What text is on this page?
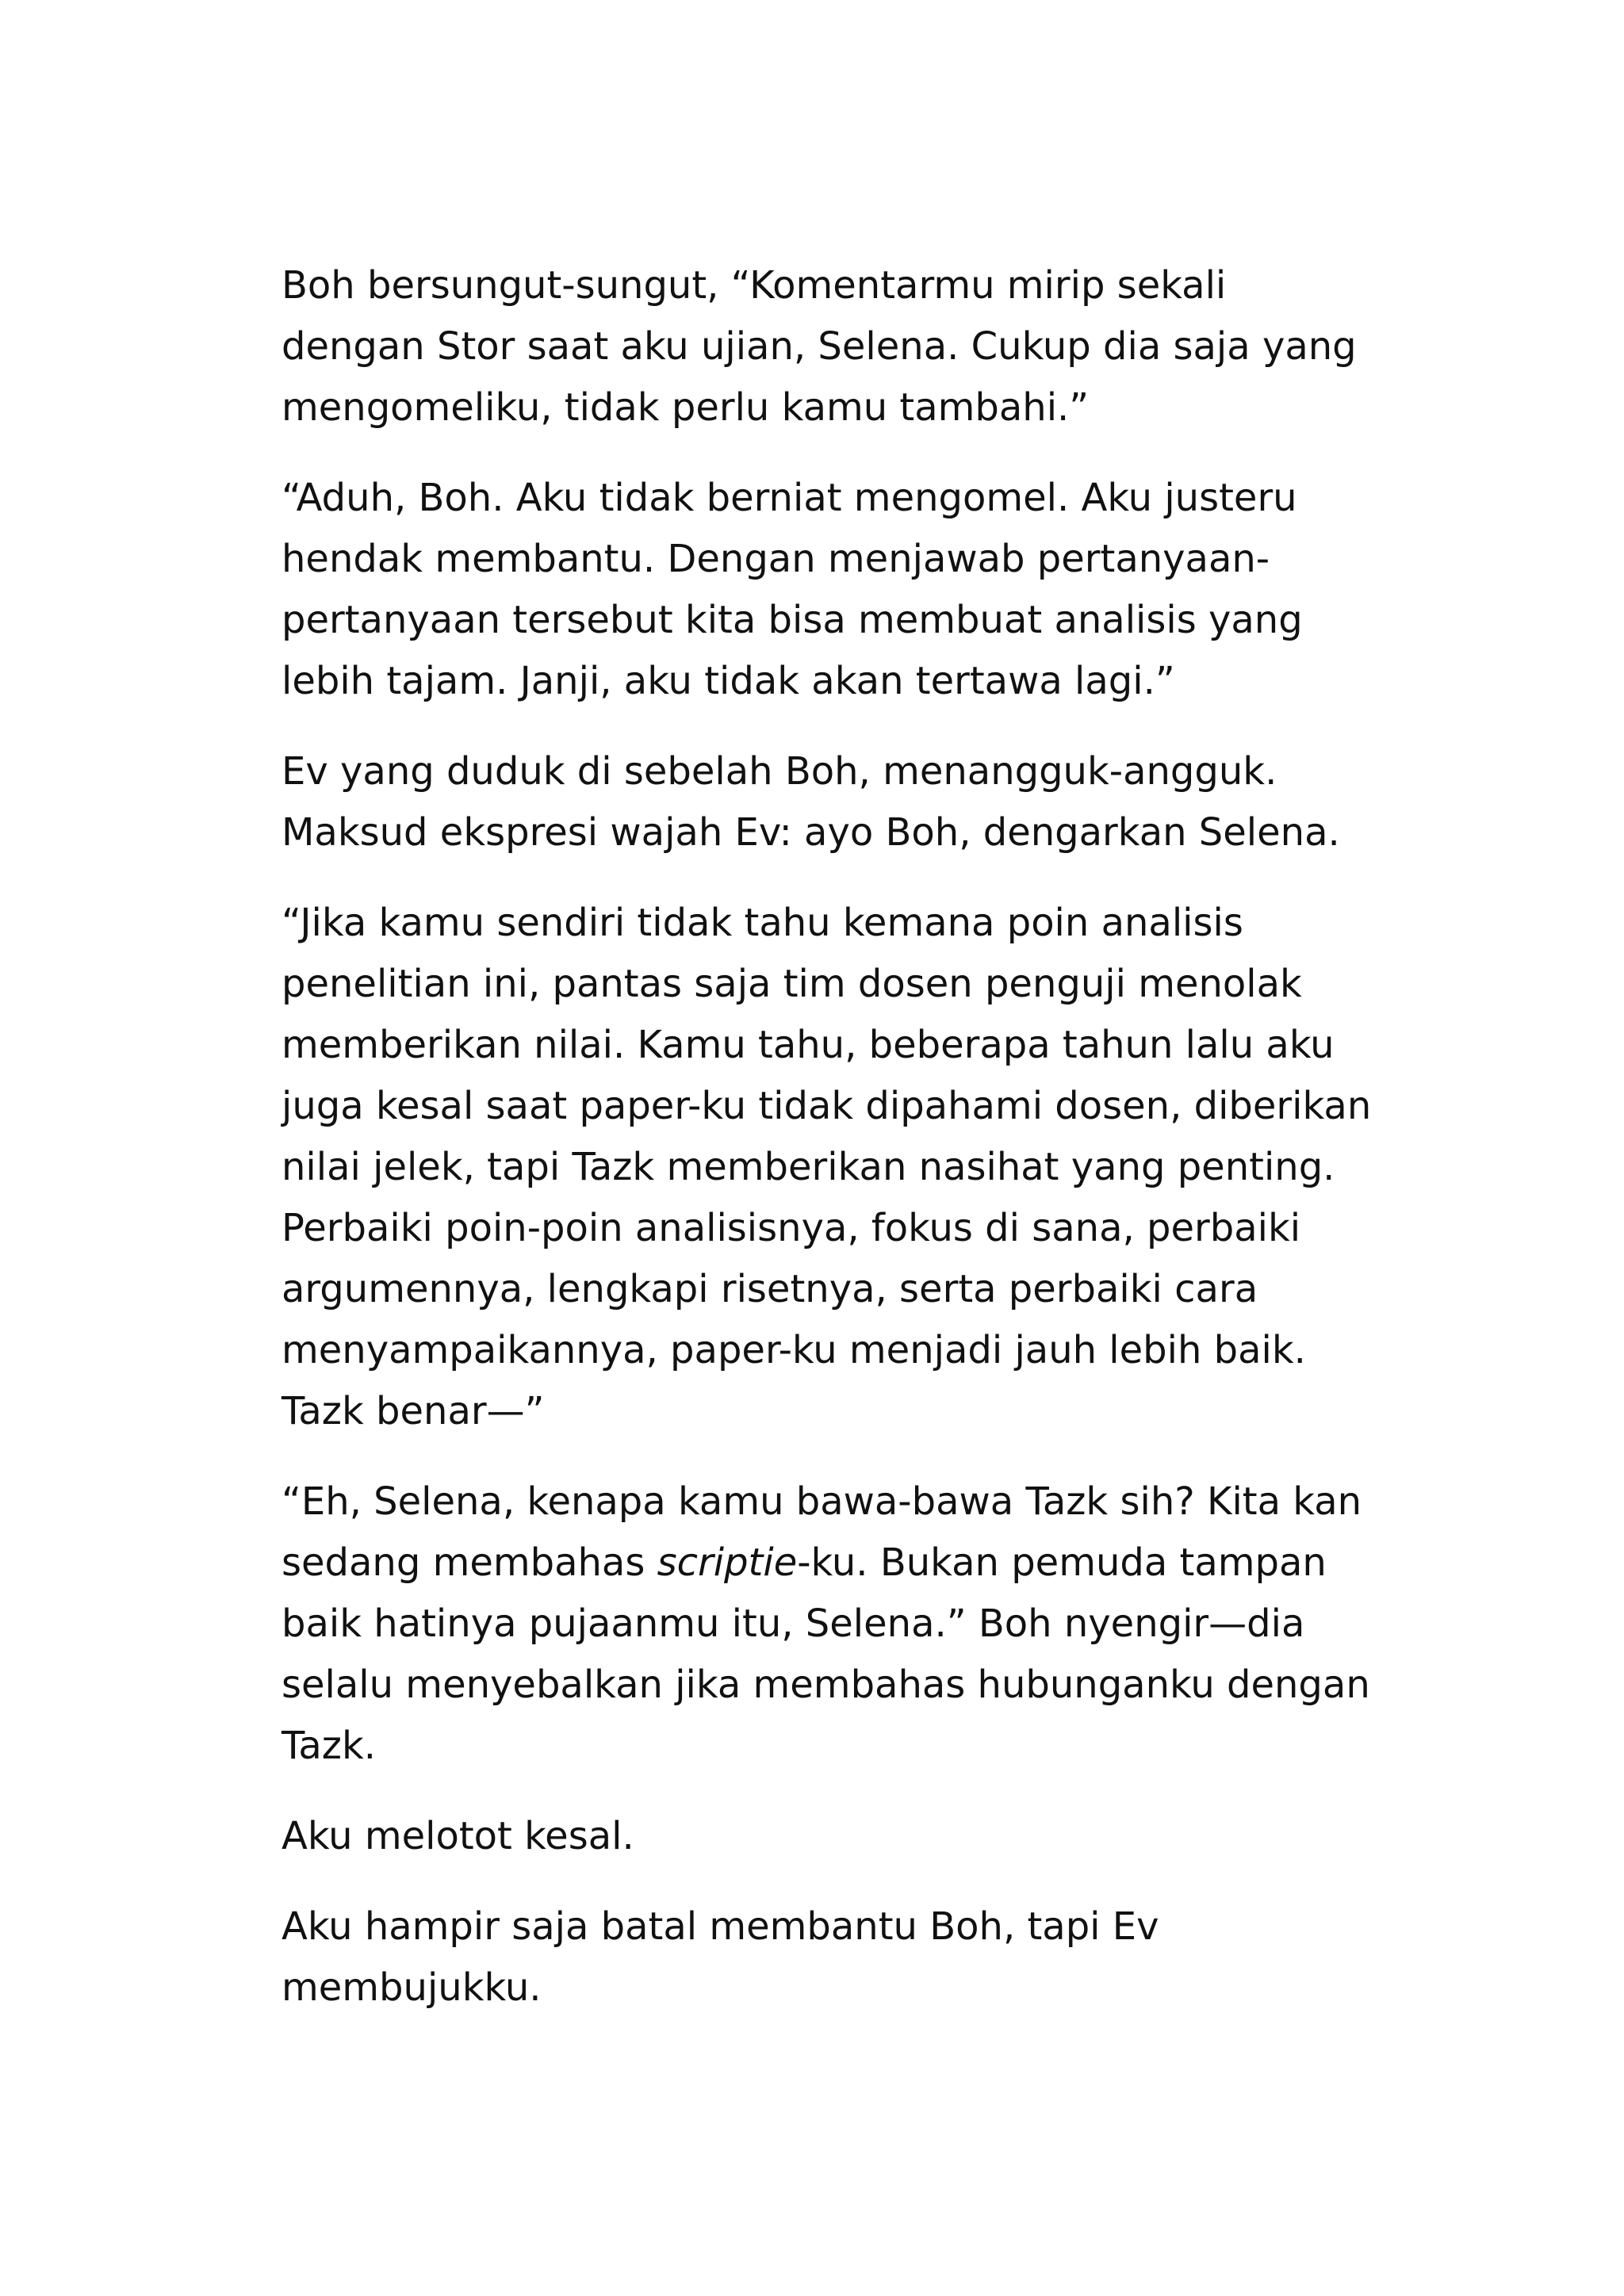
Boh bersungut-sungut, “Komentarmu mirip sekali
dengan Stor saat aku ujian, Selena. Cukup dia saja yang
mengomeliku, tidak perlu kamu tambahi.”

“Aduh, Boh. Aku tidak berniat mengomel. Aku justeru
hendak membantu. Dengan menjawab pertanyaan-
pertanyaan tersebut kita bisa membuat analisis yang
lebih tajam. Janji, aku tidak akan tertawa lagi.”

Ev yang duduk di sebelah Boh, menangguk-angguk.
Maksud ekspresi wajah Ev: ayo Boh, dengarkan Selena.

“Jika kamu sendiri tidak tahu kemana poin analisis
penelitian ini, pantas saja tim dosen penguji menolak
memberikan nilai. Kamu tahu, beberapa tahun lalu aku
juga kesal saat paper-ku tidak dipahami dosen, diberikan
nilai jelek, tapi Tazk memberikan nasihat yang penting.
Perbaiki poin-poin analisisnya, fokus di sana, perbaiki
argumennya, lengkapi risetnya, serta perbaiki cara
menyampaikannya, paper-ku menjadi jauh lebih baik.
Tazk benar—”

“Eh, Selena, kenapa kamu bawa-bawa Tazk sih? Kita kan
sedang membahas scriptie-ku. Bukan pemuda tampan
baik hatinya pujaanmu itu, Selena.” Boh nyengir—dia
selalu menyebalkan jika membahas hubunganku dengan
Tazk.

Aku melotot kesal.

Aku hampir saja batal membantu Boh, tapi Ev
membujukku.
